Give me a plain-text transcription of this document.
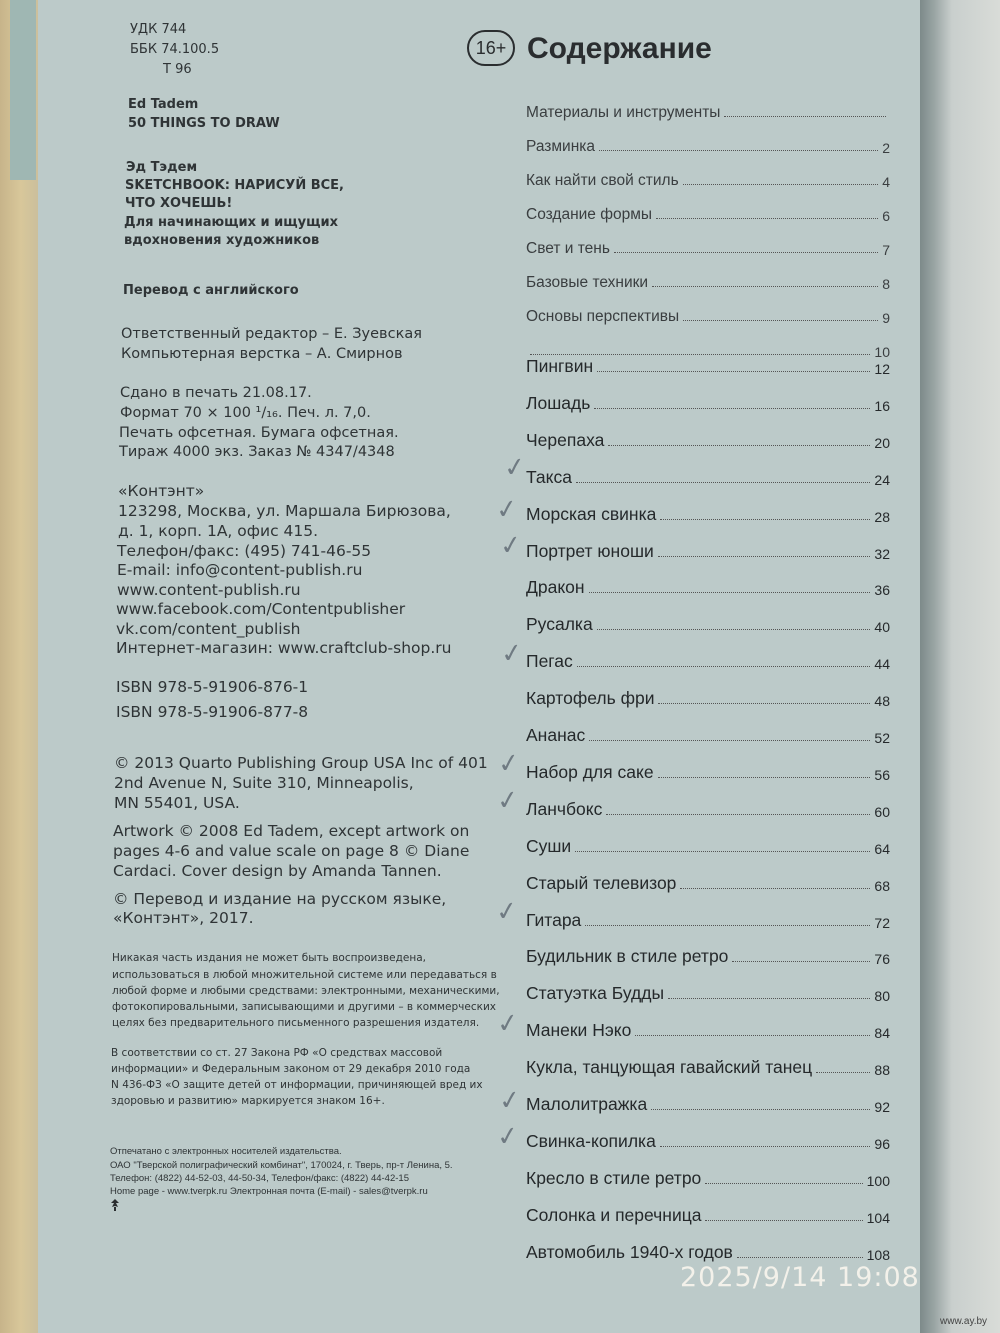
УДК 744
ББК 74.100.5
Т 96
Ed Tadem
50 THINGS TO DRAW
Эд Тэдем
SKETCHBOOK: НАРИСУЙ ВСЕ,
ЧТО ХОЧЕШЬ!
Для начинающих и ищущих
вдохновения художников
Перевод с английского
Ответственный редактор – Е. Зуевская
Компьютерная верстка – А. Смирнов
Сдано в печать 21.08.17.
Формат 70 × 100 ¹/₁₆. Печ. л. 7,0.
Печать офсетная. Бумага офсетная.
Тираж 4000 экз. Заказ № 4347/4348
«Контэнт»
123298, Москва, ул. Маршала Бирюзова,
д. 1, корп. 1А, офис 415.
Телефон/факс: (495) 741-46-55
E-mail: info@content-publish.ru
www.content-publish.ru
www.facebook.com/Contentpublisher
vk.com/content_publish
Интернет-магазин: www.craftclub-shop.ru
ISBN 978-5-91906-876-1
ISBN 978-5-91906-877-8
© 2013 Quarto Publishing Group USA Inc of 401
2nd Avenue N, Suite 310, Minneapolis,
MN 55401, USA.
Artwork © 2008 Ed Tadem, except artwork on
pages 4-6 and value scale on page 8 © Diane
Cardaci. Cover design by Amanda Tannen.
© Перевод и издание на русском языке,
«Контэнт», 2017.
Никакая часть издания не может быть воспроизведена,
использоваться в любой множительной системе или передаваться в
любой форме и любыми средствами: электронными, механическими,
фотокопировальными, записывающими и другими – в коммерческих
целях без предварительного письменного разрешения издателя.
В соответствии со ст. 27 Закона РФ «О средствах массовой
информации» и Федеральным законом от 29 декабря 2010 года
N 436-ФЗ «О защите детей от информации, причиняющей вред их
здоровью и развитию» маркируется знаком 16+.
Отпечатано с электронных носителей издательства.
ОАО "Тверской полиграфический комбинат", 170024, г. Тверь, пр-т Ленина, 5.
Телефон: (4822) 44-52-03, 44-50-34, Телефон/факс: (4822) 44-42-15
Home page - www.tverpk.ru Электронная почта (E-mail) - sales@tverpk.ru
16+ Содержание
Материалы и инструменты
Разминка	2
Как найти свой стиль	4
Создание формы	6
Свет и тень	7
Базовые техники	8
Основы перспективы	9
10
Пингвин	12
Лошадь	16
Черепаха	20
Такса	24
Морская свинка	28
Портрет юноши	32
Дракон	36
Русалка	40
Пегас	44
Картофель фри	48
Ананас	52
Набор для саке	56
Ланчбокс	60
Суши	64
Старый телевизор	68
Гитара	72
Будильник в стиле ретро	76
Статуэтка Будды	80
Манеки Нэко	84
Кукла, танцующая гавайский танец	88
Малолитражка	92
Свинка-копилка	96
Кресло в стиле ретро	100
Солонка и перечница	104
Автомобиль 1940-х годов	108
✓
✓
✓
✓
✓
✓
✓
✓
✓
✓
2025/9/14 19:08
www.ay.by
